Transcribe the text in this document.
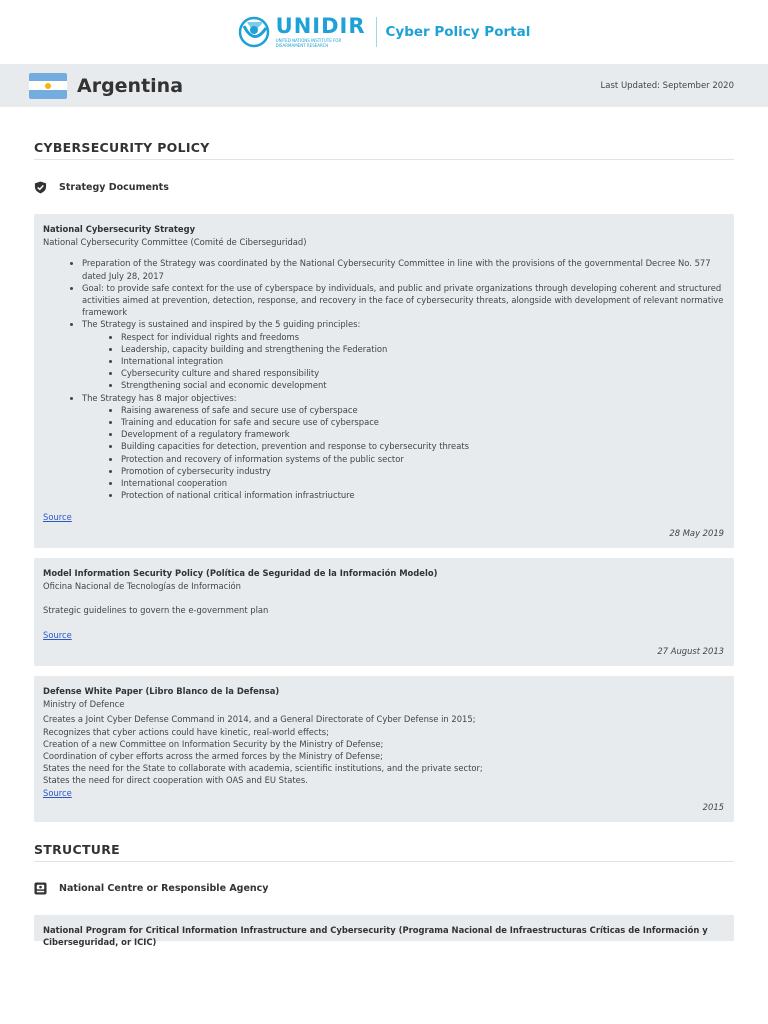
UNIDIR
UNITED NATIONS INSTITUTE FOR DISARMAMENT RESEARCH
Cyber Policy Portal
Argentina	Last Updated: September 2020
CYBERSECURITY POLICY
Strategy Documents
National Cybersecurity Strategy
National Cybersecurity Committee (Comité de Ciberseguridad)
• Preparation of the Strategy was coordinated by the National Cybersecurity Committee in line with the provisions of the governmental Decree No. 577 dated July 28, 2017
• Goal: to provide safe context for the use of cyberspace by individuals, and public and private organizations through developing coherent and structured activities aimed at prevention, detection, response, and recovery in the face of cybersecurity threats, alongside with development of relevant normative framework
• The Strategy is sustained and inspired by the 5 guiding principles:
• Respect for individual rights and freedoms
• Leadership, capacity building and strengthening the Federation
• International integration
• Cybersecurity culture and shared responsibility
• Strengthening social and economic development
• The Strategy has 8 major objectives:
• Raising awareness of safe and secure use of cyberspace
• Training and education for safe and secure use of cyberspace
• Development of a regulatory framework
• Building capacities for detection, prevention and response to cybersecurity threats
• Protection and recovery of information systems of the public sector
• Promotion of cybersecurity industry
• International cooperation
• Protection of national critical information infrastriucture
Source
28 May 2019
Model Information Security Policy (Política de Seguridad de la Información Modelo)
Oficina Nacional de Tecnologías de Información
Strategic guidelines to govern the e-government plan
Source
27 August 2013
Defense White Paper (Libro Blanco de la Defensa)
Ministry of Defence
Creates a Joint Cyber Defense Command in 2014, and a General Directorate of Cyber Defense in 2015;
Recognizes that cyber actions could have kinetic, real-world effects;
Creation of a new Committee on Information Security by the Ministry of Defense;
Coordination of cyber efforts across the armed forces by the Ministry of Defense;
States the need for the State to collaborate with academia, scientific institutions, and the private sector;
States the need for direct cooperation with OAS and EU States.
Source
2015
STRUCTURE
National Centre or Responsible Agency
National Program for Critical Information Infrastructure and Cybersecurity (Programa Nacional de Infraestructuras Críticas de Información y Ciberseguridad, or ICIC)
